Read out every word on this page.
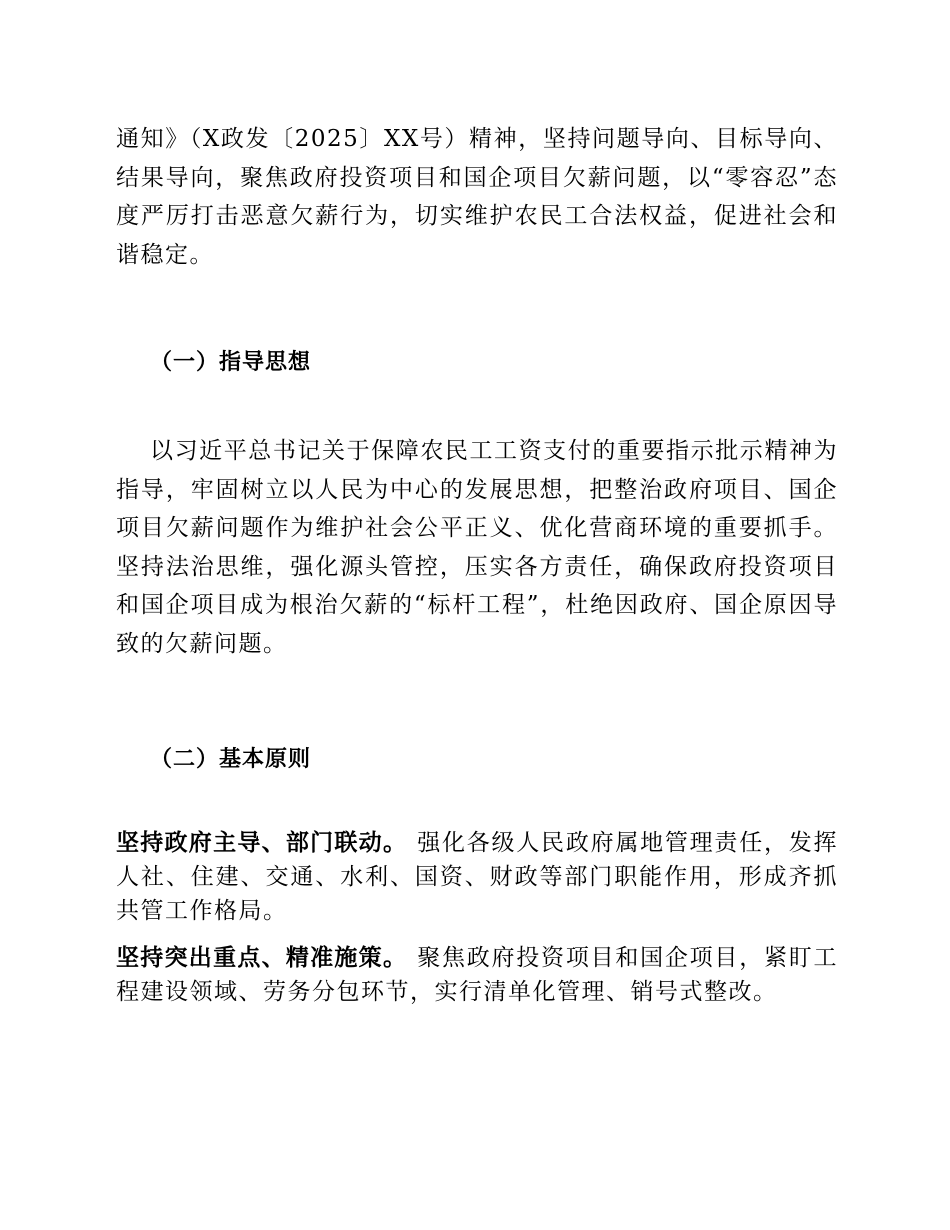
通知》（X政发〔2025〕XX号）精神，坚持问题导向、目标导向、结果导向，聚焦政府投资项目和国企项目欠薪问题，以“零容忍”态度严厉打击恶意欠薪行为，切实维护农民工合法权益，促进社会和谐稳定。

（一）指导思想

以习近平总书记关于保障农民工工资支付的重要指示批示精神为指导，牢固树立以人民为中心的发展思想，把整治政府项目、国企项目欠薪问题作为维护社会公平正义、优化营商环境的重要抓手。坚持法治思维，强化源头管控，压实各方责任，确保政府投资项目和国企项目成为根治欠薪的“标杆工程”，杜绝因政府、国企原因导致的欠薪问题。

（二）基本原则

坚持政府主导、部门联动。 强化各级人民政府属地管理责任，发挥人社、住建、交通、水利、国资、财政等部门职能作用，形成齐抓共管工作格局。

坚持突出重点、精准施策。 聚焦政府投资项目和国企项目，紧盯工程建设领域、劳务分包环节，实行清单化管理、销号式整改。
